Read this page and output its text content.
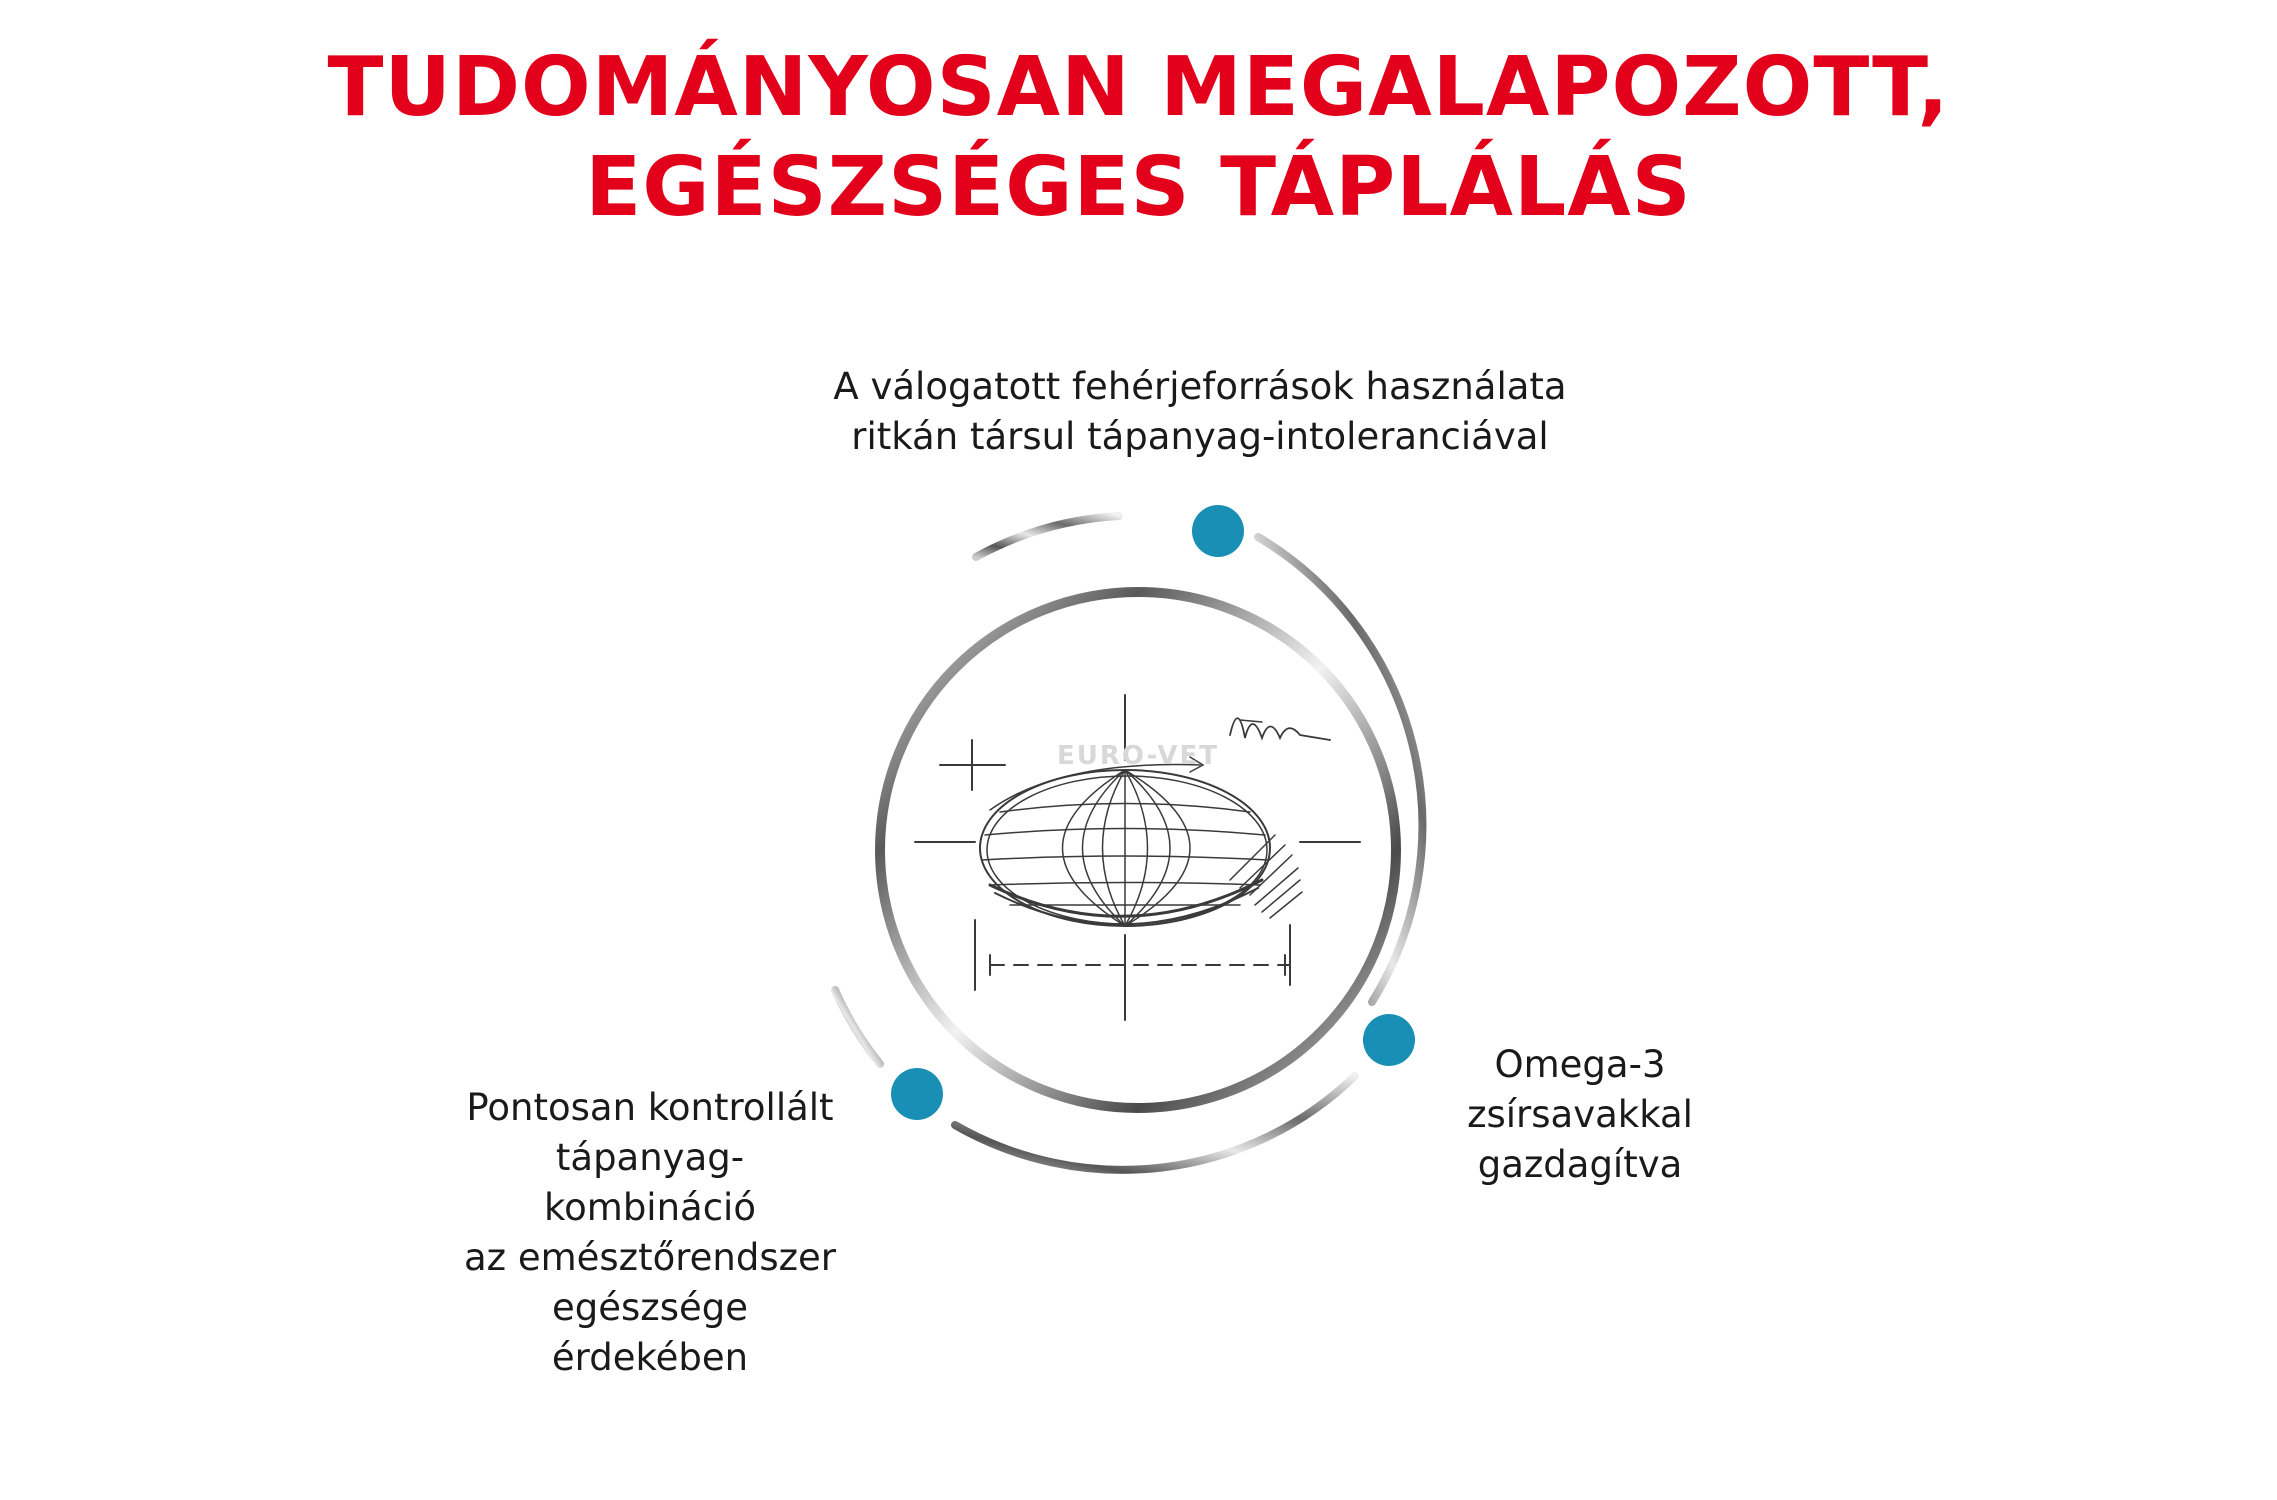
TUDOMÁNYOSAN MEGALAPOZOTT,
EGÉSZSÉGES TÁPLÁLÁS
EURO-VET

A válogatott fehérjeforrások használata
ritkán társul tápanyag-intoleranciával

Omega-3
zsírsavakkal
gazdagítva

Pontosan kontrollált
tápanyag-
kombináció
az emésztőrendszer
egészsége
érdekében
